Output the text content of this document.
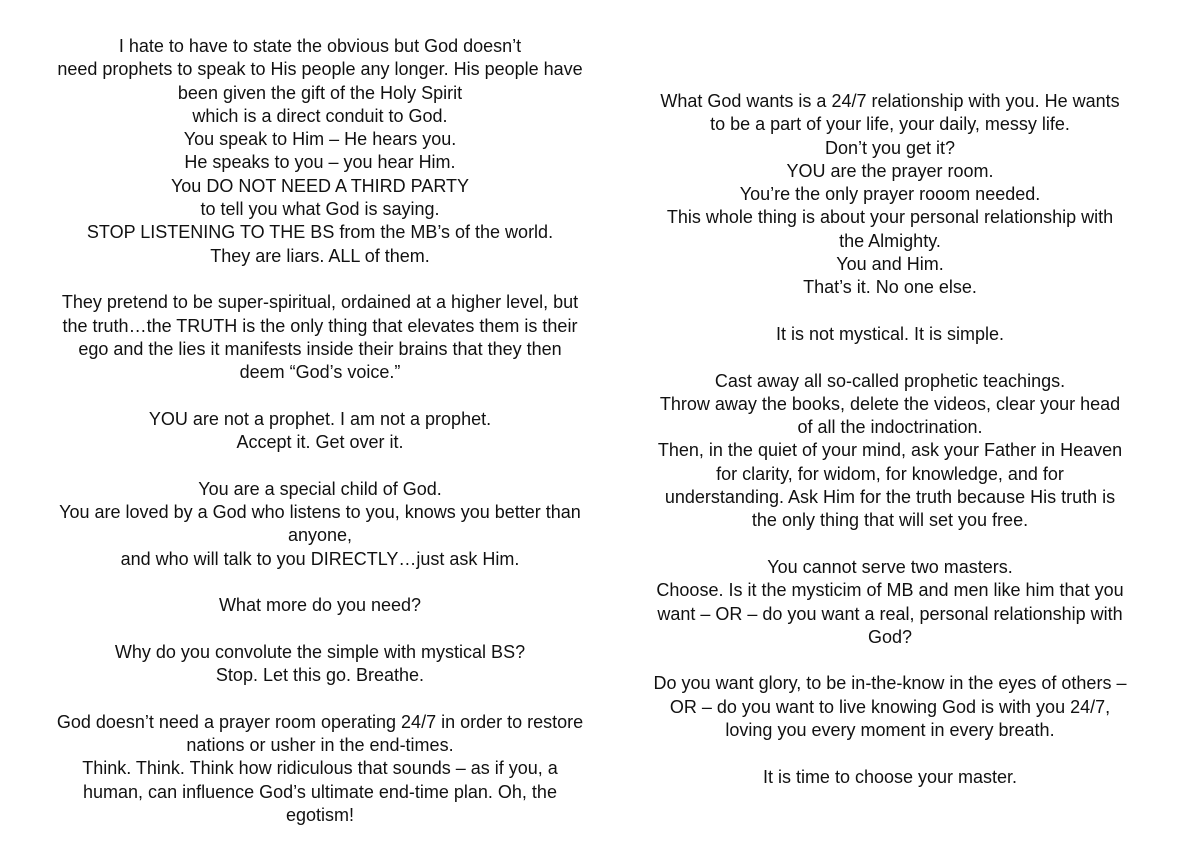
I hate to have to state the obvious but God doesn’t
need prophets to speak to His people any longer. His people have
been given the gift of the Holy Spirit
which is a direct conduit to God.
You speak to Him – He hears you.
He speaks to you – you hear Him.
You DO NOT NEED A THIRD PARTY
to tell you what God is saying.
STOP LISTENING TO THE BS from the MB’s of the world.
They are liars. ALL of them.
They pretend to be super-spiritual, ordained at a higher level, but
the truth…the TRUTH is the only thing that elevates them is their
ego and the lies it manifests inside their brains that they then
deem “God’s voice.”
YOU are not a prophet. I am not a prophet.
Accept it. Get over it.
You are a special child of God.
You are loved by a God who listens to you, knows you better than
anyone,
and who will talk to you DIRECTLY…just ask Him.
What more do you need?
Why do you convolute the simple with mystical BS?
Stop. Let this go. Breathe.
God doesn’t need a prayer room operating 24/7 in order to restore
nations or usher in the end-times.
Think. Think. Think how ridiculous that sounds – as if you, a
human, can influence God’s ultimate end-time plan. Oh, the
egotism!
What God wants is a 24/7 relationship with you. He wants
to be a part of your life, your daily, messy life.
Don’t you get it?
YOU are the prayer room.
You’re the only prayer rooom needed.
This whole thing is about your personal relationship with
the Almighty.
You and Him.
That’s it. No one else.
It is not mystical. It is simple.
Cast away all so-called prophetic teachings.
Throw away the books, delete the videos, clear your head
of all the indoctrination.
Then, in the quiet of your mind, ask your Father in Heaven
for clarity, for widom, for knowledge, and for
understanding. Ask Him for the truth because His truth is
the only thing that will set you free.
You cannot serve two masters.
Choose. Is it the mysticim of MB and men like him that you
want – OR – do you want a real, personal relationship with
God?
Do you want glory, to be in-the-know in the eyes of others –
OR – do you want to live knowing God is with you 24/7,
loving you every moment in every breath.
It is time to choose your master.
